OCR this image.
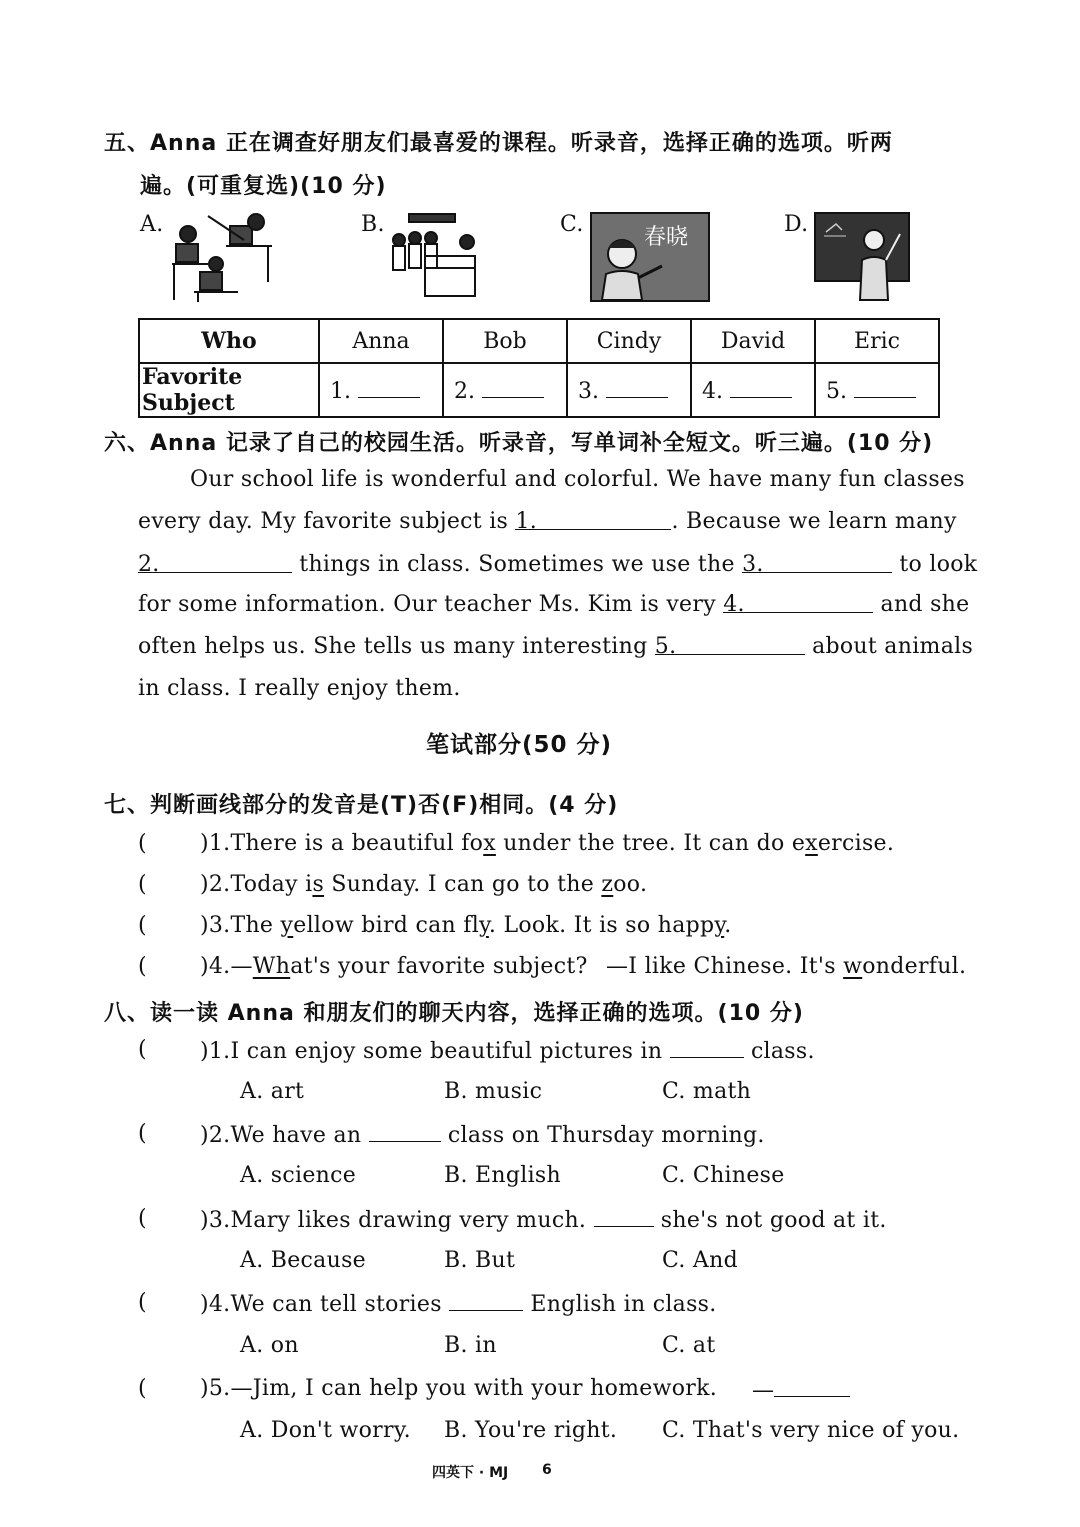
五、Anna 正在调查好朋友们最喜爱的课程。听录音，选择正确的选项。听两
遍。(可重复选)(10 分)
A.	B.	C.	D.
春晓
Who	Anna	Bob	Cindy	David	Eric
Favorite Subject	1.	2.	3.	4.	5.
六、Anna 记录了自己的校园生活。听录音，写单词补全短文。听三遍。(10 分)
Our school life is wonderful and colorful. We have many fun classes
every day. My favorite subject is 1.	. Because we learn many
2.	things in class. Sometimes we use the 3.	to look
for some information. Our teacher Ms. Kim is very 4.	and she
often helps us. She tells us many interesting 5.	about animals
in class. I really enjoy them.
笔试部分(50 分)
七、判断画线部分的发音是(T)否(F)相同。(4 分)
( )1.There is a beautiful fox under the tree. It can do exercise.
( )2.Today is Sunday. I can go to the zoo.
( )3.The yellow bird can fly. Look. It is so happy.
( )4.—What's your favorite subject? —I like Chinese. It's wonderful.
八、读一读 Anna 和朋友们的聊天内容，选择正确的选项。(10 分)
( )1.I can enjoy some beautiful pictures in	class.
A. art	B. music	C. math
( )2.We have an	class on Thursday morning.
A. science	B. English	C. Chinese
( )3.Mary likes drawing very much.	she's not good at it.
A. Because	B. But	C. And
( )4.We can tell stories	English in class.
A. on	B. in	C. at
( )5.—Jim, I can help you with your homework. —
A. Don't worry. B. You're right. C. That's very nice of you.
四英下 · MJ 6
